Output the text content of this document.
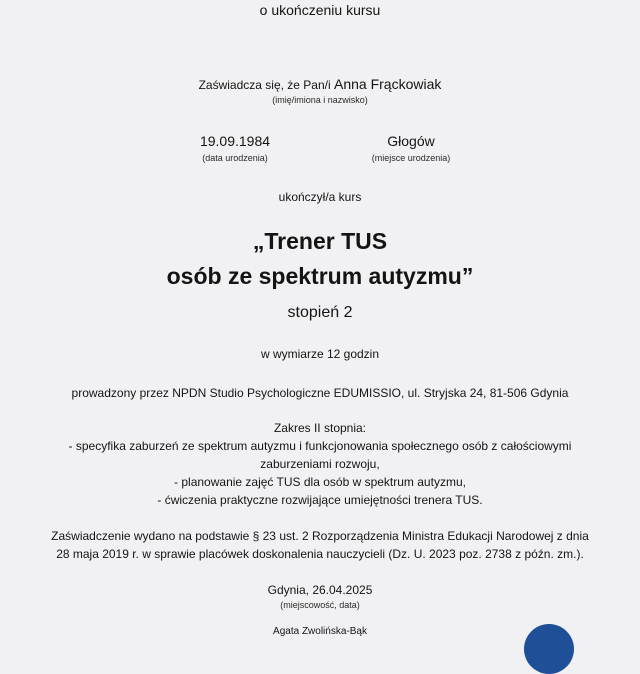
o ukończeniu kursu
Zaświadcza się, że Pan/i Anna Frąckowiak
(imię/imiona i nazwisko)
19.09.1984	Głogów
(data urodzenia)	(miejsce urodzenia)
ukończył/a kurs
„Trener TUS
osób ze spektrum autyzmu”
stopień 2
w wymiarze 12 godzin
prowadzony przez NPDN Studio Psychologiczne EDUMISSIO, ul. Stryjska 24, 81-506 Gdynia
Zakres II stopnia:
- specyfika zaburzeń ze spektrum autyzmu i funkcjonowania społecznego osób z całościowymi
zaburzeniami rozwoju,
- planowanie zajęć TUS dla osób w spektrum autyzmu,
- ćwiczenia praktyczne rozwijające umiejętności trenera TUS.
Zaświadczenie wydano na podstawie § 23 ust. 2 Rozporządzenia Ministra Edukacji Narodowej z dnia
28 maja 2019 r. w sprawie placówek doskonalenia nauczycieli (Dz. U. 2023 poz. 2738 z późn. zm.).
Gdynia, 26.04.2025
(miejscowość, data)
Agata Zwolińska-Bąk
